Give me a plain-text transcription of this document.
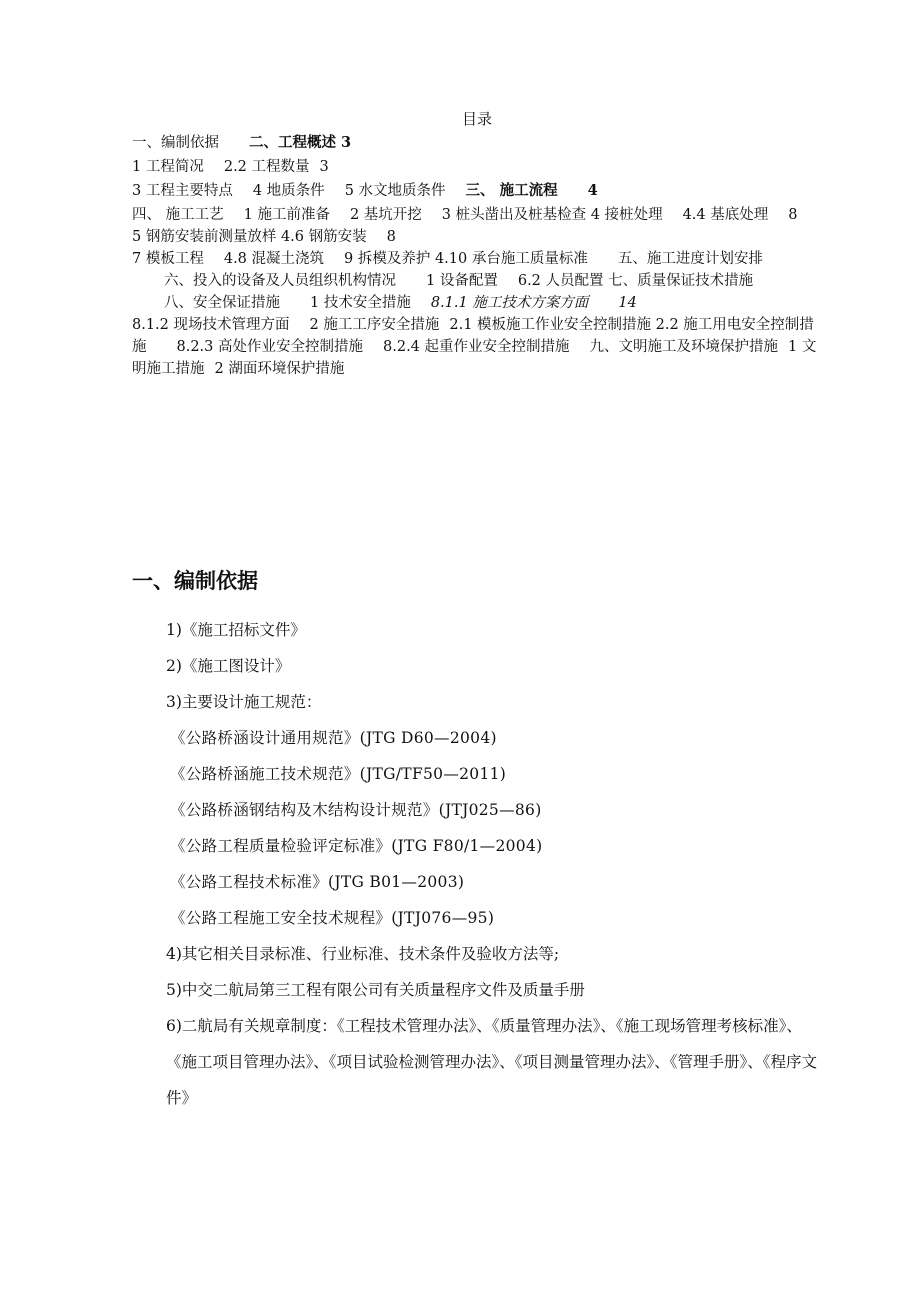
目录
一、编制依据 二、工程概述 3
1 工程简况 2.2 工程数量 3
3 工程主要特点 4 地质条件 5 水文地质条件 三、 施工流程 4
四、 施工工艺 1 施工前准备 2 基坑开挖 3 桩头凿出及桩基检查 4 接桩处理 4.4 基底处理 8
5 钢筋安装前测量放样 4.6 钢筋安装 8
7 模板工程 4.8 混凝土浇筑 9 拆模及养护 4.10 承台施工质量标准 五、施工进度计划安排
六、投入的设备及人员组织机构情况 1 设备配置 6.2 人员配置 七、质量保证技术措施
八、安全保证措施 1 技术安全措施 8.1.1 施工技术方案方面 14
8.1.2 现场技术管理方面 2 施工工序安全措施 2.1 模板施工作业安全控制措施 2.2 施工用电安全控制措施 8.2.3 高处作业安全控制措施 8.2.4 起重作业安全控制措施 九、文明施工及环境保护措施 1 文明施工措施 2 湖面环境保护措施
一、编制依据
1)《施工招标文件》
2)《施工图设计》
3)主要设计施工规范：
《公路桥涵设计通用规范》(JTG D60—2004)
《公路桥涵施工技术规范》(JTG/TF50—2011)
《公路桥涵钢结构及木结构设计规范》(JTJ025—86)
《公路工程质量检验评定标准》(JTG F80/1—2004)
《公路工程技术标准》(JTG B01—2003)
《公路工程施工安全技术规程》(JTJ076—95)
4)其它相关目录标准、行业标准、技术条件及验收方法等;
5)中交二航局第三工程有限公司有关质量程序文件及质量手册
6)二航局有关规章制度：《工程技术管理办法》、《质量管理办法》、《施工现场管理考核标准》、《施工项目管理办法》、《项目试验检测管理办法》、《项目测量管理办法》、《管理手册》、《程序文件》
